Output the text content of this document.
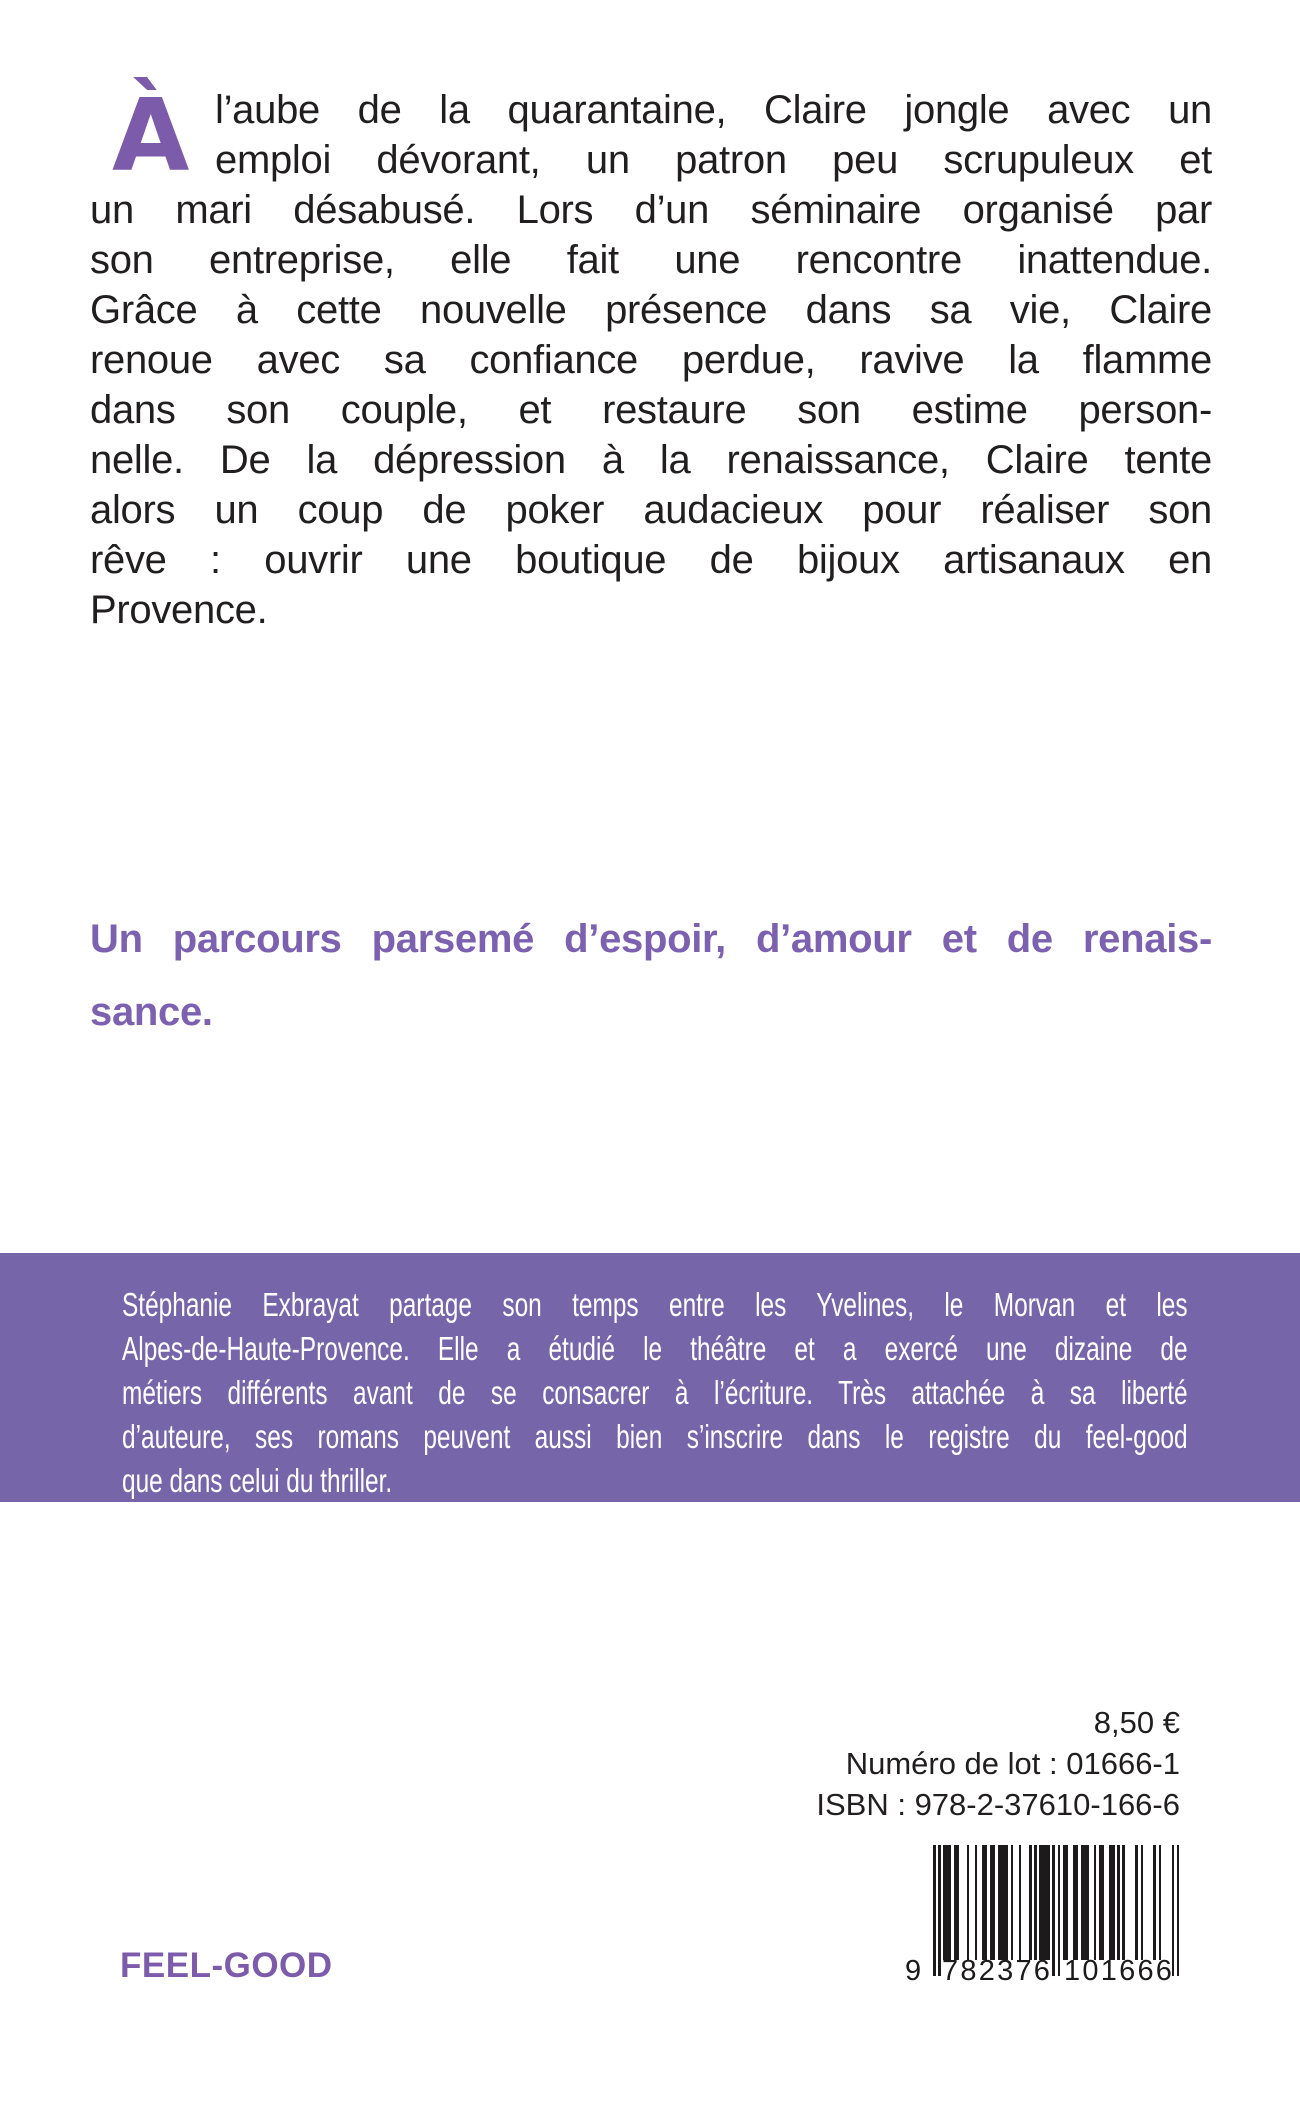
À l’aube de la quarantaine, Claire jongle avec un
emploi dévorant, un patron peu scrupuleux et
un mari désabusé. Lors d’un séminaire organisé par
son entreprise, elle fait une rencontre inattendue.
Grâce à cette nouvelle présence dans sa vie, Claire
renoue avec sa confiance perdue, ravive la flamme
dans son couple, et restaure son estime person-
nelle. De la dépression à la renaissance, Claire tente
alors un coup de poker audacieux pour réaliser son
rêve : ouvrir une boutique de bijoux artisanaux en
Provence.
Un parcours parsemé d’espoir, d’amour et de renais-
sance.
Stéphanie Exbrayat partage son temps entre les Yvelines, le Morvan et les
Alpes-de-Haute-Provence. Elle a étudié le théâtre et a exercé une dizaine de
métiers différents avant de se consacrer à l’écriture. Très attachée à sa liberté
d’auteure, ses romans peuvent aussi bien s’inscrire dans le registre du feel-good
que dans celui du thriller.
8,50 €
Numéro de lot : 01666-1
ISBN : 978-2-37610-166-6
9 7 8 2 3 7 6 1 0 1 6 6 6
FEEL-GOOD
